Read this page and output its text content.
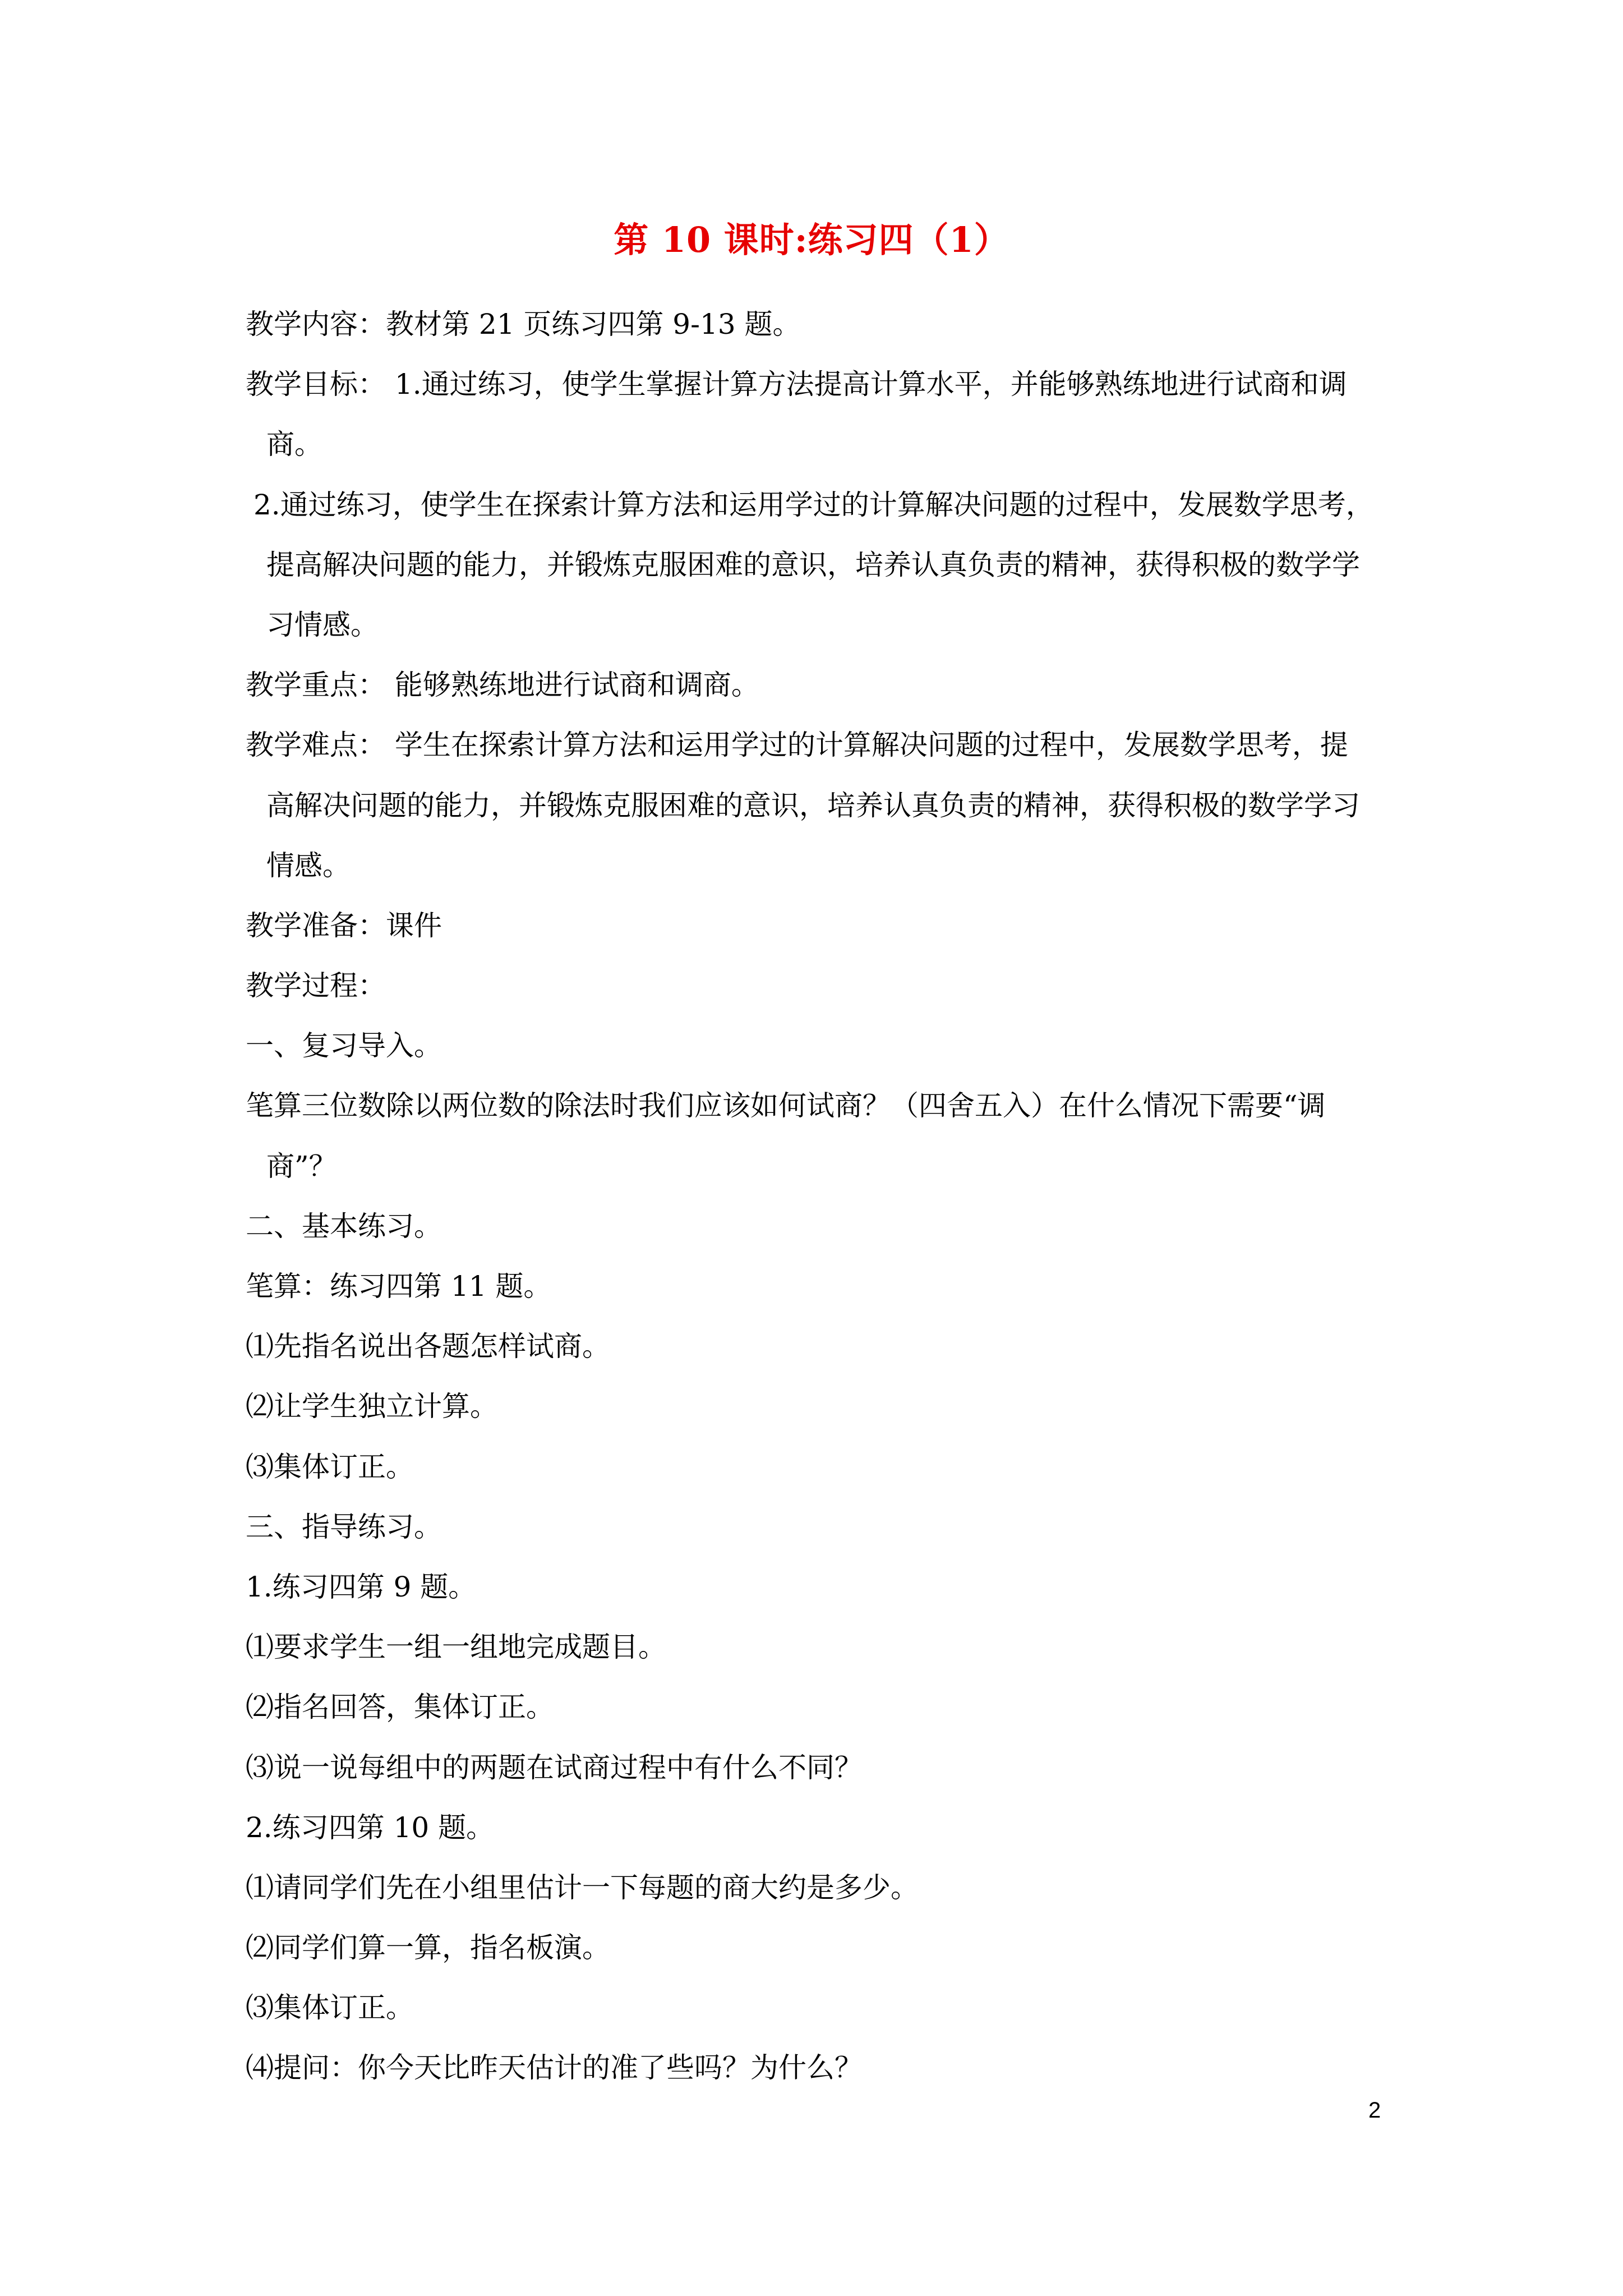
第 10 课时:练习四（1）
教学内容：教材第 21 页练习四第 9-13 题。
教学目标： 1.通过练习，使学生掌握计算方法提高计算水平，并能够熟练地进行试商和调
商。
2.通过练习，使学生在探索计算方法和运用学过的计算解决问题的过程中，发展数学思考，
提高解决问题的能力，并锻炼克服困难的意识，培养认真负责的精神，获得积极的数学学
习情感。
教学重点： 能够熟练地进行试商和调商。
教学难点： 学生在探索计算方法和运用学过的计算解决问题的过程中，发展数学思考，提
高解决问题的能力，并锻炼克服困难的意识，培养认真负责的精神，获得积极的数学学习
情感。
教学准备：课件
教学过程：
一、复习导入。
笔算三位数除以两位数的除法时我们应该如何试商？（四舍五入）在什么情况下需要“调
商”？
二、基本练习。
笔算：练习四第 11 题。
⑴先指名说出各题怎样试商。
⑵让学生独立计算。
⑶集体订正。
三、指导练习。
1.练习四第 9 题。
⑴要求学生一组一组地完成题目。
⑵指名回答，集体订正。
⑶说一说每组中的两题在试商过程中有什么不同？
2.练习四第 10 题。
⑴请同学们先在小组里估计一下每题的商大约是多少。
⑵同学们算一算，指名板演。
⑶集体订正。
⑷提问：你今天比昨天估计的准了些吗？为什么？
2
